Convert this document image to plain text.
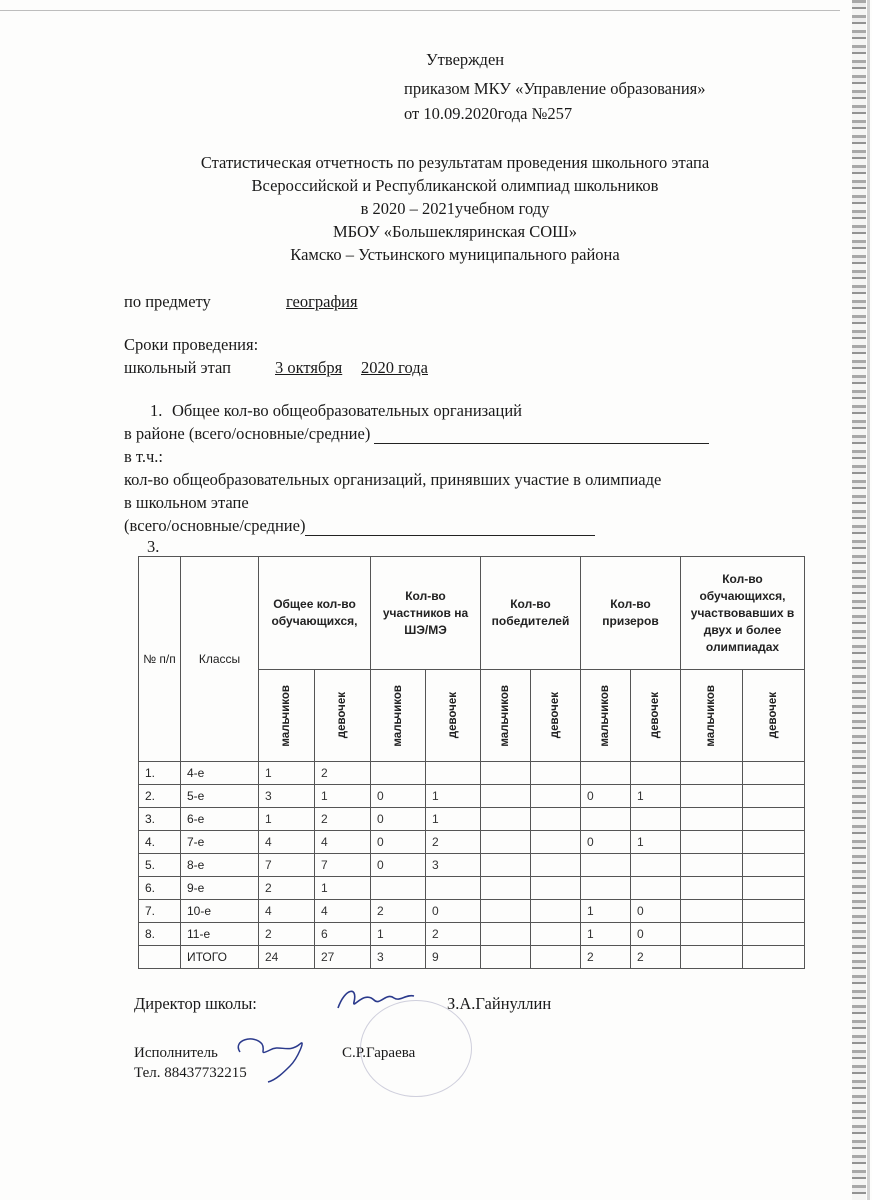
Утвержден
приказом МКУ «Управление образования»
от 10.09.2020года №257
Статистическая отчетность по результатам проведения школьного этапа
Всероссийской и Республиканской олимпиад школьников
в 2020 – 2021учебном году
МБОУ «Большекляринская СОШ»
Камско – Устьинского муниципального района
по предмету	география
Сроки проведения:
школьный этап	3 октября 2020 года
1. Общее кол-во общеобразовательных организаций
в районе (всего/основные/средние)
в т.ч.:
кол-во общеобразовательных организаций, принявших участие в олимпиаде
в школьном этапе
(всего/основные/средние)
3.
№ п/п	Классы	Общее кол-во обучающихся,		Кол-во участников на ШЭ/МЭ		Кол-во победителей		Кол-во призеров		Кол-во обучающихся, участвовавших в двух и более олимпиадах	

		мальчиков	девочек	мальчиков	девочек	мальчиков	девочек	мальчиков	девочек	мальчиков	девочек

1.	4-е	1	2								
2.	5-е	3	1	0	1			0	1		
3.	6-е	1	2	0	1						
4.	7-е	4	4	0	2			0	1		
5.	8-е	7	7	0	3						
6.	9-е	2	1								
7.	10-е	4	4	2	0			1	0		
8.	11-е	2	6	1	2			1	0		
	ИТОГО	24	27	3	9			2	2		
Директор школы:	З.А.Гайнуллин
Исполнитель	С.Р.Гараева
Тел. 88437732215
